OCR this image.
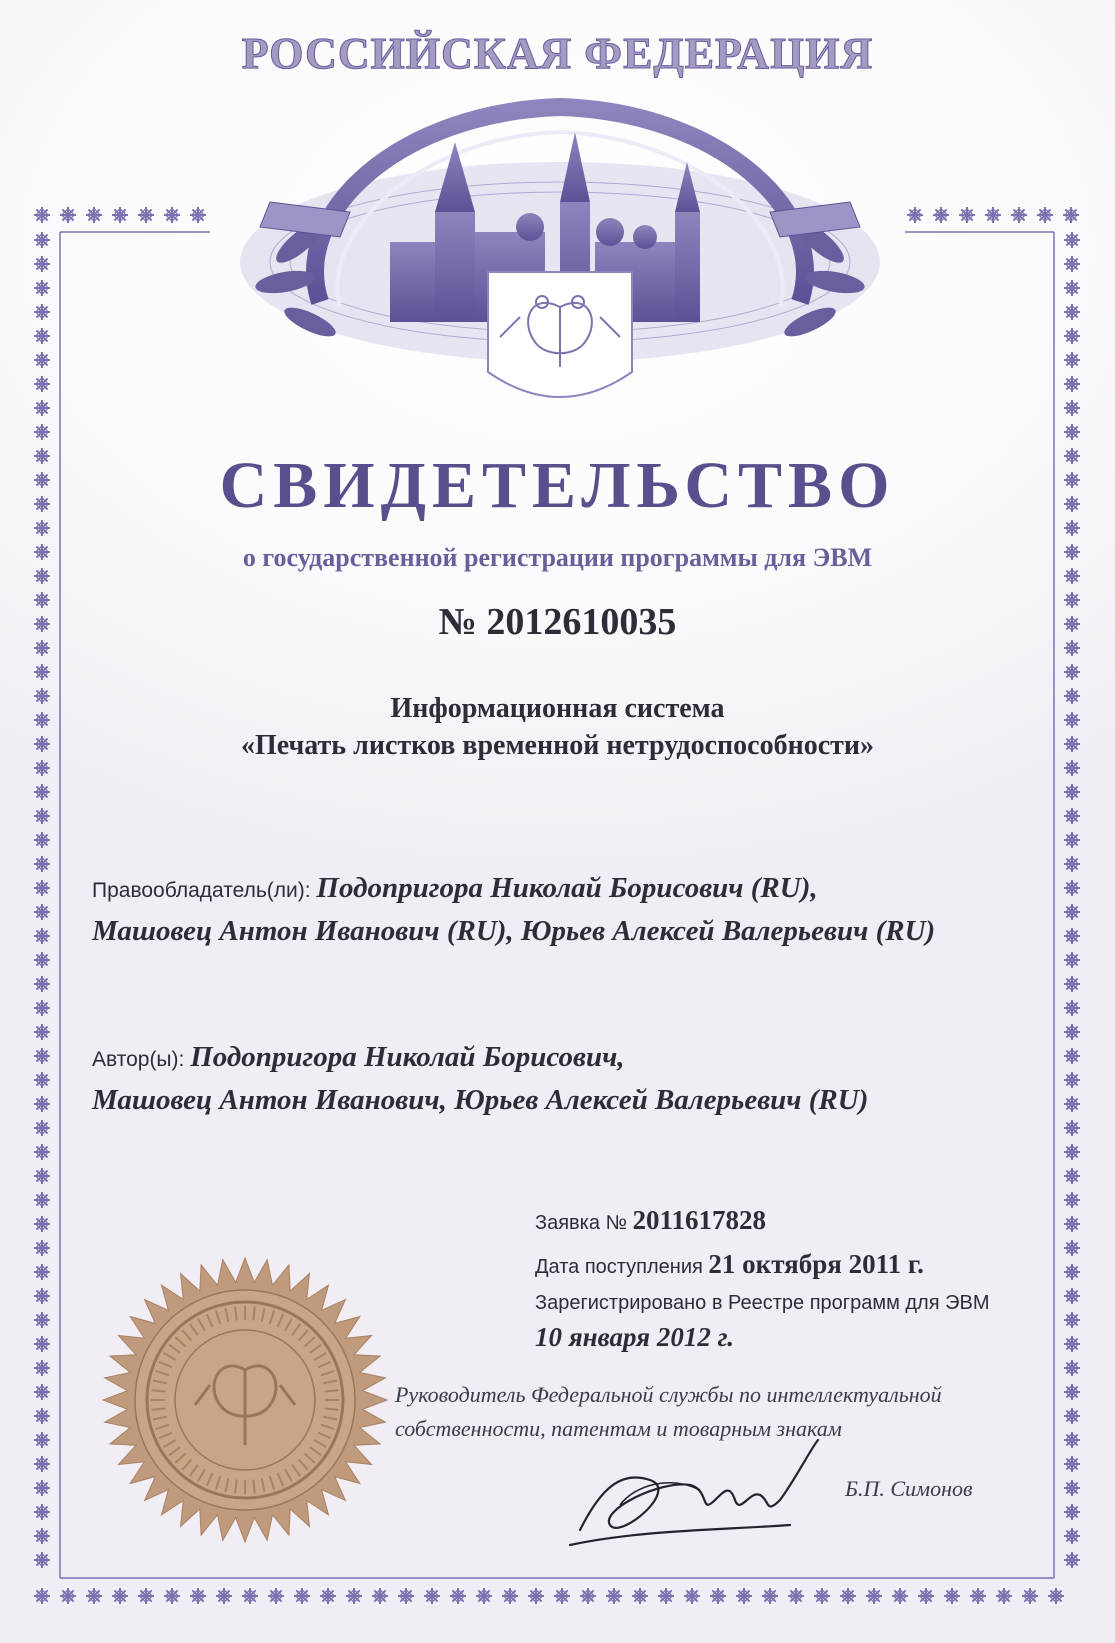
РОССИЙСКАЯ ФЕДЕРАЦИЯ
СВИДЕТЕЛЬСТВО
о государственной регистрации программы для ЭВМ
№ 2012610035
Информационная система
«Печать листков временной нетрудоспособности»
Правообладатель(ли): Подопригора Николай Борисович (RU),
Машовец Антон Иванович (RU), Юрьев Алексей Валерьевич (RU)
Автор(ы): Подопригора Николай Борисович,
Машовец Антон Иванович, Юрьев Алексей Валерьевич (RU)
Заявка № 2011617828
Дата поступления 21 октября 2011 г.
Зарегистрировано в Реестре программ для ЭВМ
10 января 2012 г.
Руководитель Федеральной службы по интеллектуальной
собственности, патентам и товарным знакам
Б.П. Симонов
